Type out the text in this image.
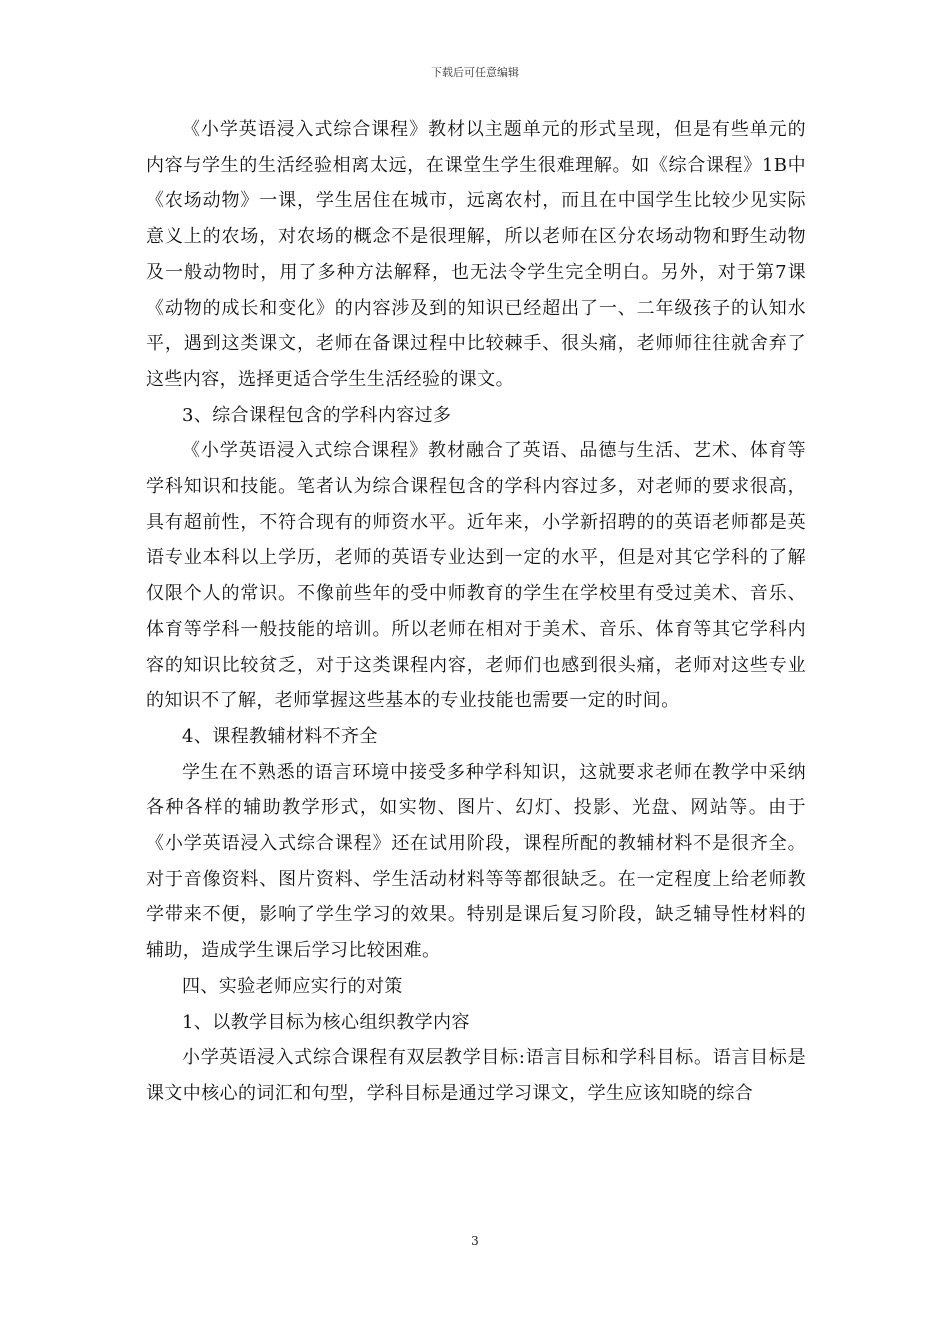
下载后可任意编辑

《小学英语浸入式综合课程》教材以主题单元的形式呈现，但是有些单元的内容与学生的生活经验相离太远，在课堂生学生很难理解。如《综合课程》1B中《农场动物》一课，学生居住在城市，远离农村，而且在中国学生比较少见实际意义上的农场，对农场的概念不是很理解，所以老师在区分农场动物和野生动物及一般动物时，用了多种方法解释，也无法令学生完全明白。另外，对于第7课《动物的成长和变化》的内容涉及到的知识已经超出了一、二年级孩子的认知水平，遇到这类课文，老师在备课过程中比较棘手、很头痛，老师师往往就舍弃了这些内容，选择更适合学生生活经验的课文。

3、综合课程包含的学科内容过多

《小学英语浸入式综合课程》教材融合了英语、品德与生活、艺术、体育等学科知识和技能。笔者认为综合课程包含的学科内容过多，对老师的要求很高，具有超前性，不符合现有的师资水平。近年来，小学新招聘的的英语老师都是英语专业本科以上学历，老师的英语专业达到一定的水平，但是对其它学科的了解仅限个人的常识。不像前些年的受中师教育的学生在学校里有受过美术、音乐、体育等学科一般技能的培训。所以老师在相对于美术、音乐、体育等其它学科内容的知识比较贫乏，对于这类课程内容，老师们也感到很头痛，老师对这些专业的知识不了解，老师掌握这些基本的专业技能也需要一定的时间。

4、课程教辅材料不齐全

学生在不熟悉的语言环境中接受多种学科知识，这就要求老师在教学中采纳各种各样的辅助教学形式，如实物、图片、幻灯、投影、光盘、网站等。由于《小学英语浸入式综合课程》还在试用阶段，课程所配的教辅材料不是很齐全。对于音像资料、图片资料、学生活动材料等等都很缺乏。在一定程度上给老师教学带来不便，影响了学生学习的效果。特别是课后复习阶段，缺乏辅导性材料的辅助，造成学生课后学习比较困难。

四、实验老师应实行的对策

1、以教学目标为核心组织教学内容

小学英语浸入式综合课程有双层教学目标:语言目标和学科目标。语言目标是课文中核心的词汇和句型，学科目标是通过学习课文，学生应该知晓的综合

3
